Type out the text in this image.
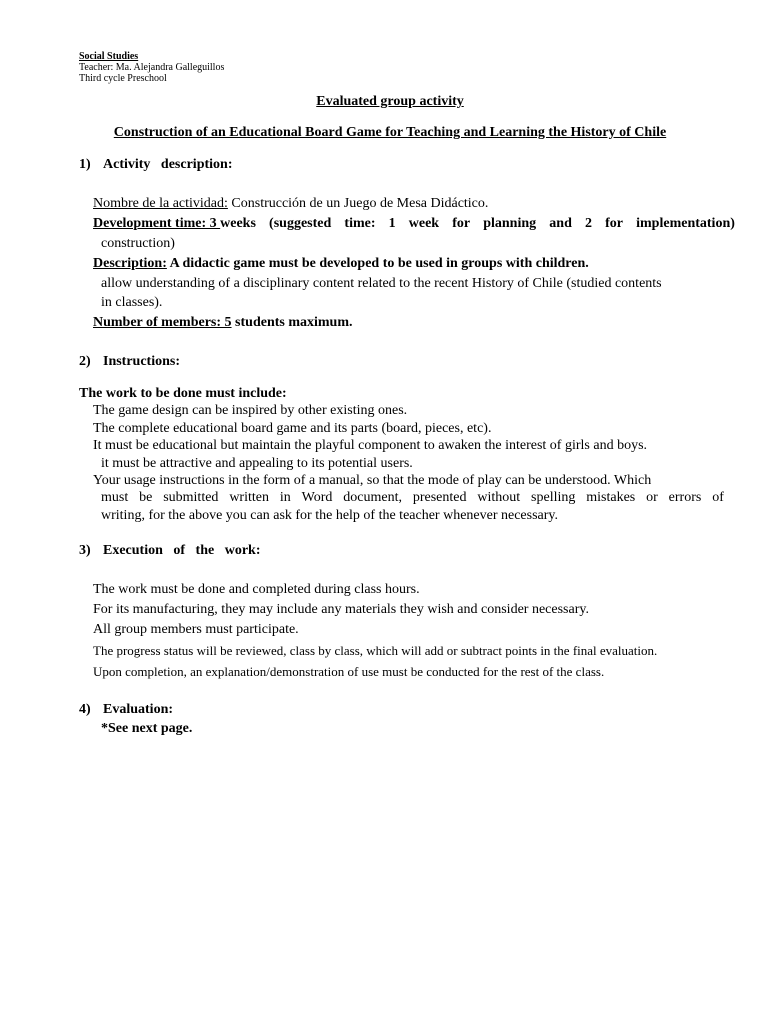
Social Studies
Teacher: Ma. Alejandra Galleguillos
Third cycle Preschool
Evaluated group activity
Construction of an Educational Board Game for Teaching and Learning the History of Chile
1) Activity   description:
Nombre de la actividad: Construcción de un Juego de Mesa Didáctico.
Development time: 3 weeks (suggested time: 1 week for planning and 2 for implementation)
construction)
Description: A didactic game must be developed to be used in groups with children.
allow understanding of a disciplinary content related to the recent History of Chile (studied contents
in classes).
Number of members: 5 students maximum.
2) Instructions:
The work to be done must include:
The game design can be inspired by other existing ones.
The complete educational board game and its parts (board, pieces, etc).
It must be educational but maintain the playful component to awaken the interest of girls and boys.
it must be attractive and appealing to its potential users.
Your usage instructions in the form of a manual, so that the mode of play can be understood. Which
must be submitted written in Word document, presented without spelling mistakes or errors of
writing, for the above you can ask for the help of the teacher whenever necessary.
3) Execution   of   the   work:
The work must be done and completed during class hours.
For its manufacturing, they may include any materials they wish and consider necessary.
All group members must participate.
The progress status will be reviewed, class by class, which will add or subtract points in the final evaluation.
Upon completion, an explanation/demonstration of use must be conducted for the rest of the class.
4) Evaluation:
*See next page.
